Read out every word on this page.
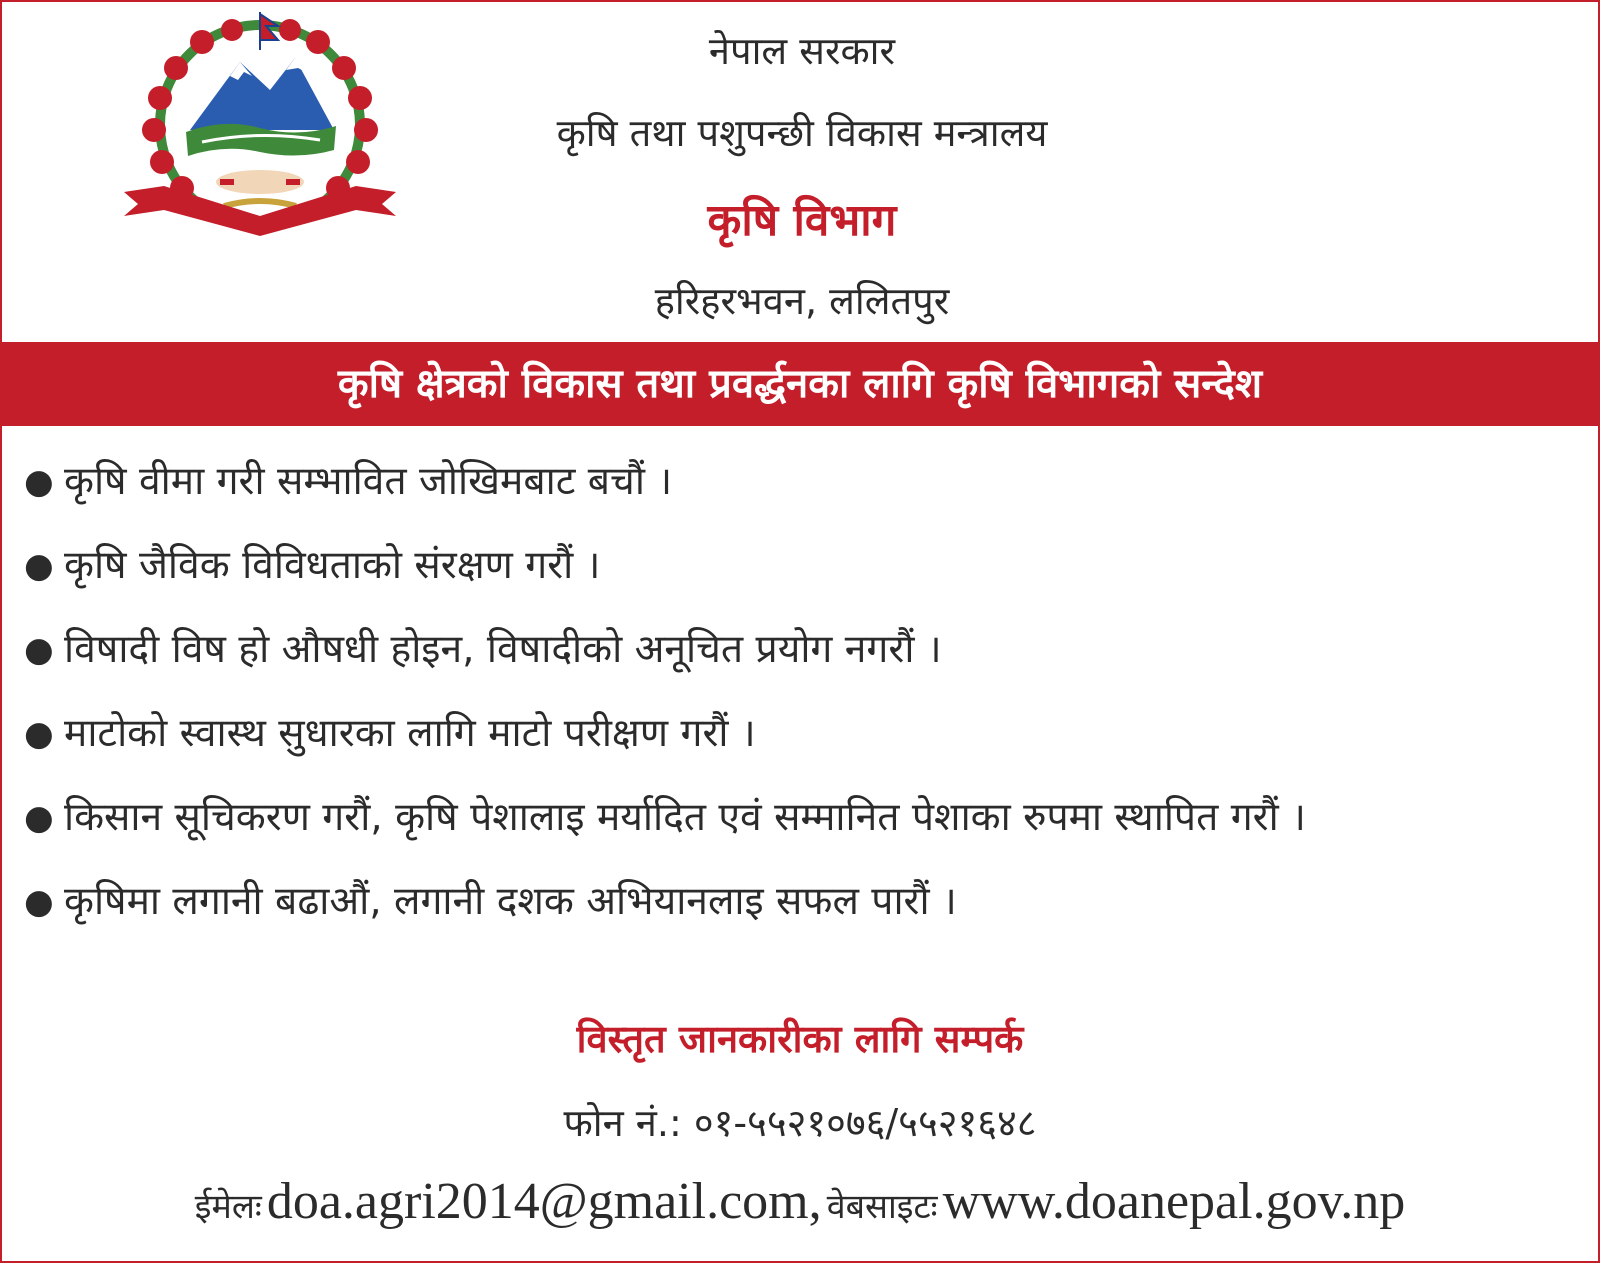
नेपाल सरकार
कृषि तथा पशुपन्छी विकास मन्त्रालय
कृषि विभाग
हरिहरभवन, ललितपुर
कृषि क्षेत्रको विकास तथा प्रवर्द्धनका लागि कृषि विभागको सन्देश
● कृषि वीमा गरी सम्भावित जोखिमबाट बचौं ।
● कृषि जैविक विविधताको संरक्षण गरौं ।
● विषादी विष हो औषधी होइन, विषादीको अनूचित प्रयोग नगरौं ।
● माटोको स्वास्थ सुधारका लागि माटो परीक्षण गरौं ।
● किसान सूचिकरण गरौं, कृषि पेशालाइ मर्यादित एवं सम्मानित पेशाका रुपमा स्थापित गरौं ।
● कृषिमा लगानी बढाऔं, लगानी दशक अभियानलाइ सफल पारौं ।
विस्तृत जानकारीका लागि सम्पर्क
फोन नं.: ०१-५५२१०७६/५५२१६४८
ईमेलः doa.agri2014@gmail.com, वेबसाइटः www.doanepal.gov.np
